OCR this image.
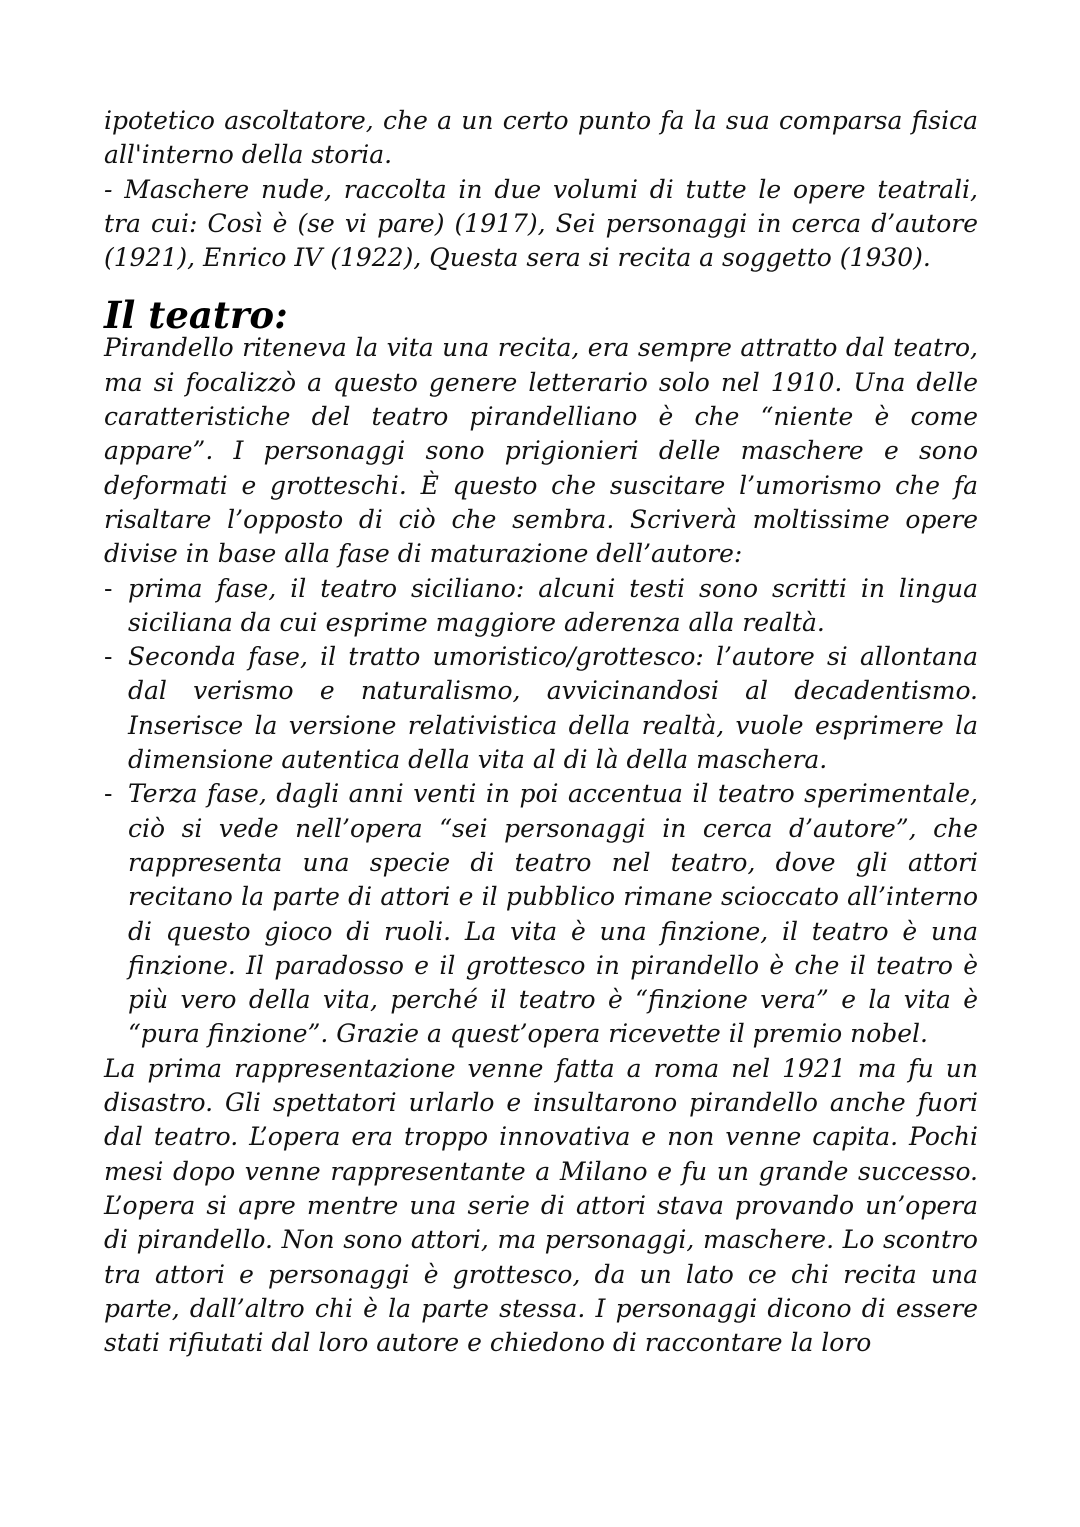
ipotetico ascoltatore, che a un certo punto fa la sua comparsa fisica all'interno della storia.

- Maschere nude, raccolta in due volumi di tutte le opere teatrali, tra cui: Così è (se vi pare) (1917), Sei personaggi in cerca d’autore (1921), Enrico IV (1922), Questa sera si recita a soggetto (1930).

Il teatro:

Pirandello riteneva la vita una recita, era sempre attratto dal teatro, ma si focalizzò a questo genere letterario solo nel 1910. Una delle caratteristiche del teatro pirandelliano è che “niente è come appare”. I personaggi sono prigionieri delle maschere e sono deformati e grotteschi. È questo che suscitare l’umorismo che fa risaltare l’opposto di ciò che sembra. Scriverà moltissime opere divise in base alla fase di maturazione dell’autore:

- prima fase, il teatro siciliano: alcuni testi sono scritti in lingua siciliana da cui esprime maggiore aderenza alla realtà.
- Seconda fase, il tratto umoristico/grottesco: l’autore si allontana dal verismo e naturalismo, avvicinandosi al decadentismo. Inserisce la versione relativistica della realtà, vuole esprimere la dimensione autentica della vita al di là della maschera.
- Terza fase, dagli anni venti in poi accentua il teatro sperimentale, ciò si vede nell’opera “sei personaggi in cerca d’autore”, che rappresenta una specie di teatro nel teatro, dove gli attori recitano la parte di attori e il pubblico rimane scioccato all’interno di questo gioco di ruoli. La vita è una finzione, il teatro è una finzione. Il paradosso e il grottesco in pirandello è che il teatro è più vero della vita, perché il teatro è “finzione vera” e la vita è “pura finzione”. Grazie a quest’opera ricevette il premio nobel.

La prima rappresentazione venne fatta a roma nel 1921 ma fu un disastro. Gli spettatori urlarlo e insultarono pirandello anche fuori dal teatro. L’opera era troppo innovativa e non venne capita. Pochi mesi dopo venne rappresentante a Milano e fu un grande successo. L’opera si apre mentre una serie di attori stava provando un’opera di pirandello. Non sono attori, ma personaggi, maschere. Lo scontro tra attori e personaggi è grottesco, da un lato ce chi recita una parte, dall’altro chi è la parte stessa. I personaggi dicono di essere stati rifiutati dal loro autore e chiedono di raccontare la loro
